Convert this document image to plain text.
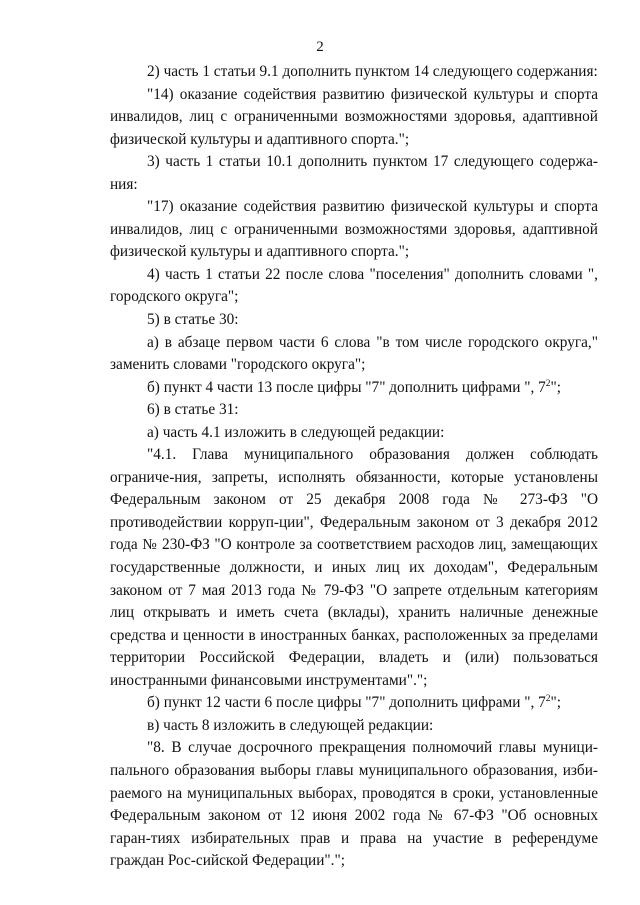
2

2) часть 1 статьи 9.1 дополнить пунктом 14 следующего содержания:

"14) оказание содействия развитию физической культуры и спорта инвалидов, лиц с ограниченными возможностями здоровья, адаптивной физической культуры и адаптивного спорта.";

3) часть 1 статьи 10.1 дополнить пунктом 17 следующего содержа-ния:

"17) оказание содействия развитию физической культуры и спорта инвалидов, лиц с ограниченными возможностями здоровья, адаптивной физической культуры и адаптивного спорта.";

4) часть 1 статьи 22 после слова "поселения" дополнить словами ", городского округа";

5) в статье 30:

а) в абзаце первом части 6 слова "в том числе городского округа," заменить словами "городского округа";

б) пункт 4 части 13 после цифры "7" дополнить цифрами ", $7^2$";

6) в статье 31:

а) часть 4.1 изложить в следующей редакции:

"4.1. Глава муниципального образования должен соблюдать ограниче-ния, запреты, исполнять обязанности, которые установлены Федеральным законом от 25 декабря 2008 года № 273-ФЗ "О противодействии корруп-ции", Федеральным законом от 3 декабря 2012 года № 230-ФЗ "О контроле за соответствием расходов лиц, замещающих государственные должности, и иных лиц их доходам", Федеральным законом от 7 мая 2013 года № 79-ФЗ "О запрете отдельным категориям лиц открывать и иметь счета (вклады), хранить наличные денежные средства и ценности в иностранных банках, расположенных за пределами территории Российской Федерации, владеть и (или) пользоваться иностранными финансовыми инструментами".";

б) пункт 12 части 6 после цифры "7" дополнить цифрами ", $7^2$";

в) часть 8 изложить в следующей редакции:

"8. В случае досрочного прекращения полномочий главы муници-пального образования выборы главы муниципального образования, изби-раемого на муниципальных выборах, проводятся в сроки, установленные Федеральным законом от 12 июня 2002 года № 67-ФЗ "Об основных гаран-тиях избирательных прав и права на участие в референдуме граждан Рос-сийской Федерации".";
